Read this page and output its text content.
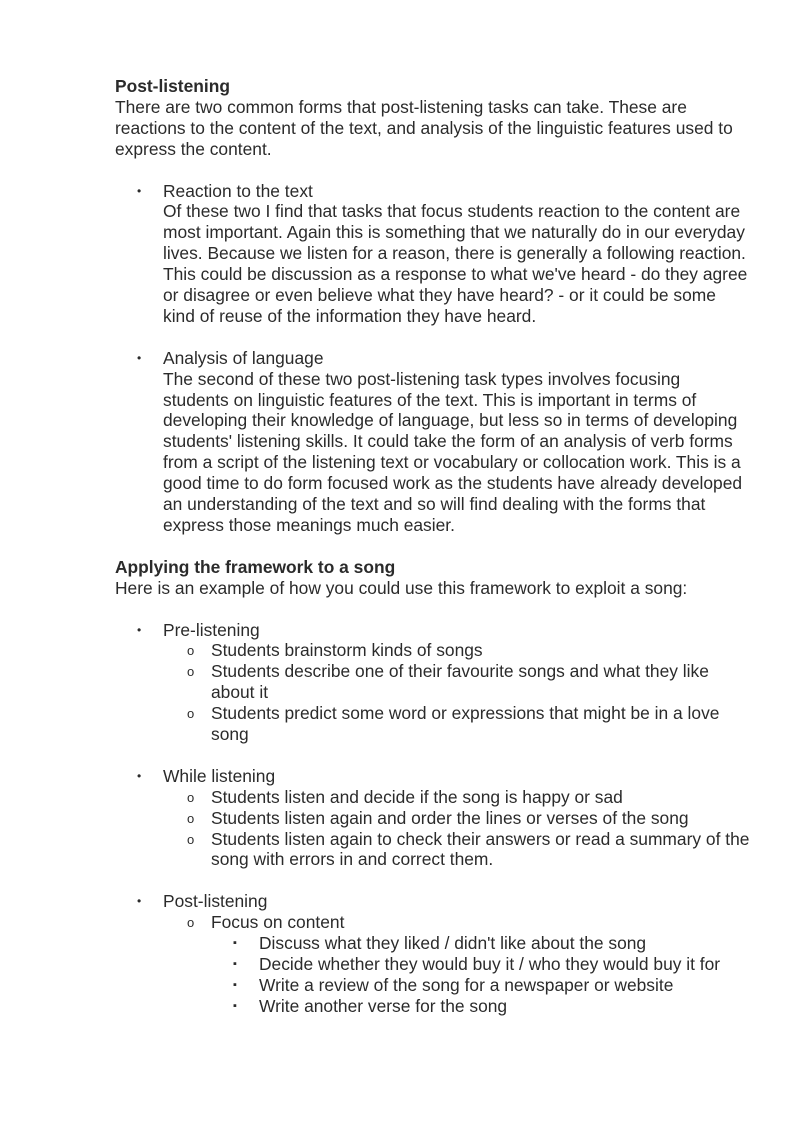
Post-listening

There are two common forms that post-listening tasks can take. These are reactions to the content of the text, and analysis of the linguistic features used to express the content.

• Reaction to the text
Of these two I find that tasks that focus students reaction to the content are most important. Again this is something that we naturally do in our everyday lives. Because we listen for a reason, there is generally a following reaction. This could be discussion as a response to what we've heard - do they agree or disagree or even believe what they have heard? - or it could be some kind of reuse of the information they have heard.
• Analysis of language
The second of these two post-listening task types involves focusing students on linguistic features of the text. This is important in terms of developing their knowledge of language, but less so in terms of developing students' listening skills. It could take the form of an analysis of verb forms from a script of the listening text or vocabulary or collocation work. This is a good time to do form focused work as the students have already developed an understanding of the text and so will find dealing with the forms that express those meanings much easier.

Applying the framework to a song

Here is an example of how you could use this framework to exploit a song:

• Pre-listening
o Students brainstorm kinds of songs
o Students describe one of their favourite songs and what they like about it
o Students predict some word or expressions that might be in a love song
• While listening
o Students listen and decide if the song is happy or sad
o Students listen again and order the lines or verses of the song
o Students listen again to check their answers or read a summary of the song with errors in and correct them.
• Post-listening
o Focus on content
▪ Discuss what they liked / didn't like about the song
▪ Decide whether they would buy it / who they would buy it for
▪ Write a review of the song for a newspaper or website
▪ Write another verse for the song
